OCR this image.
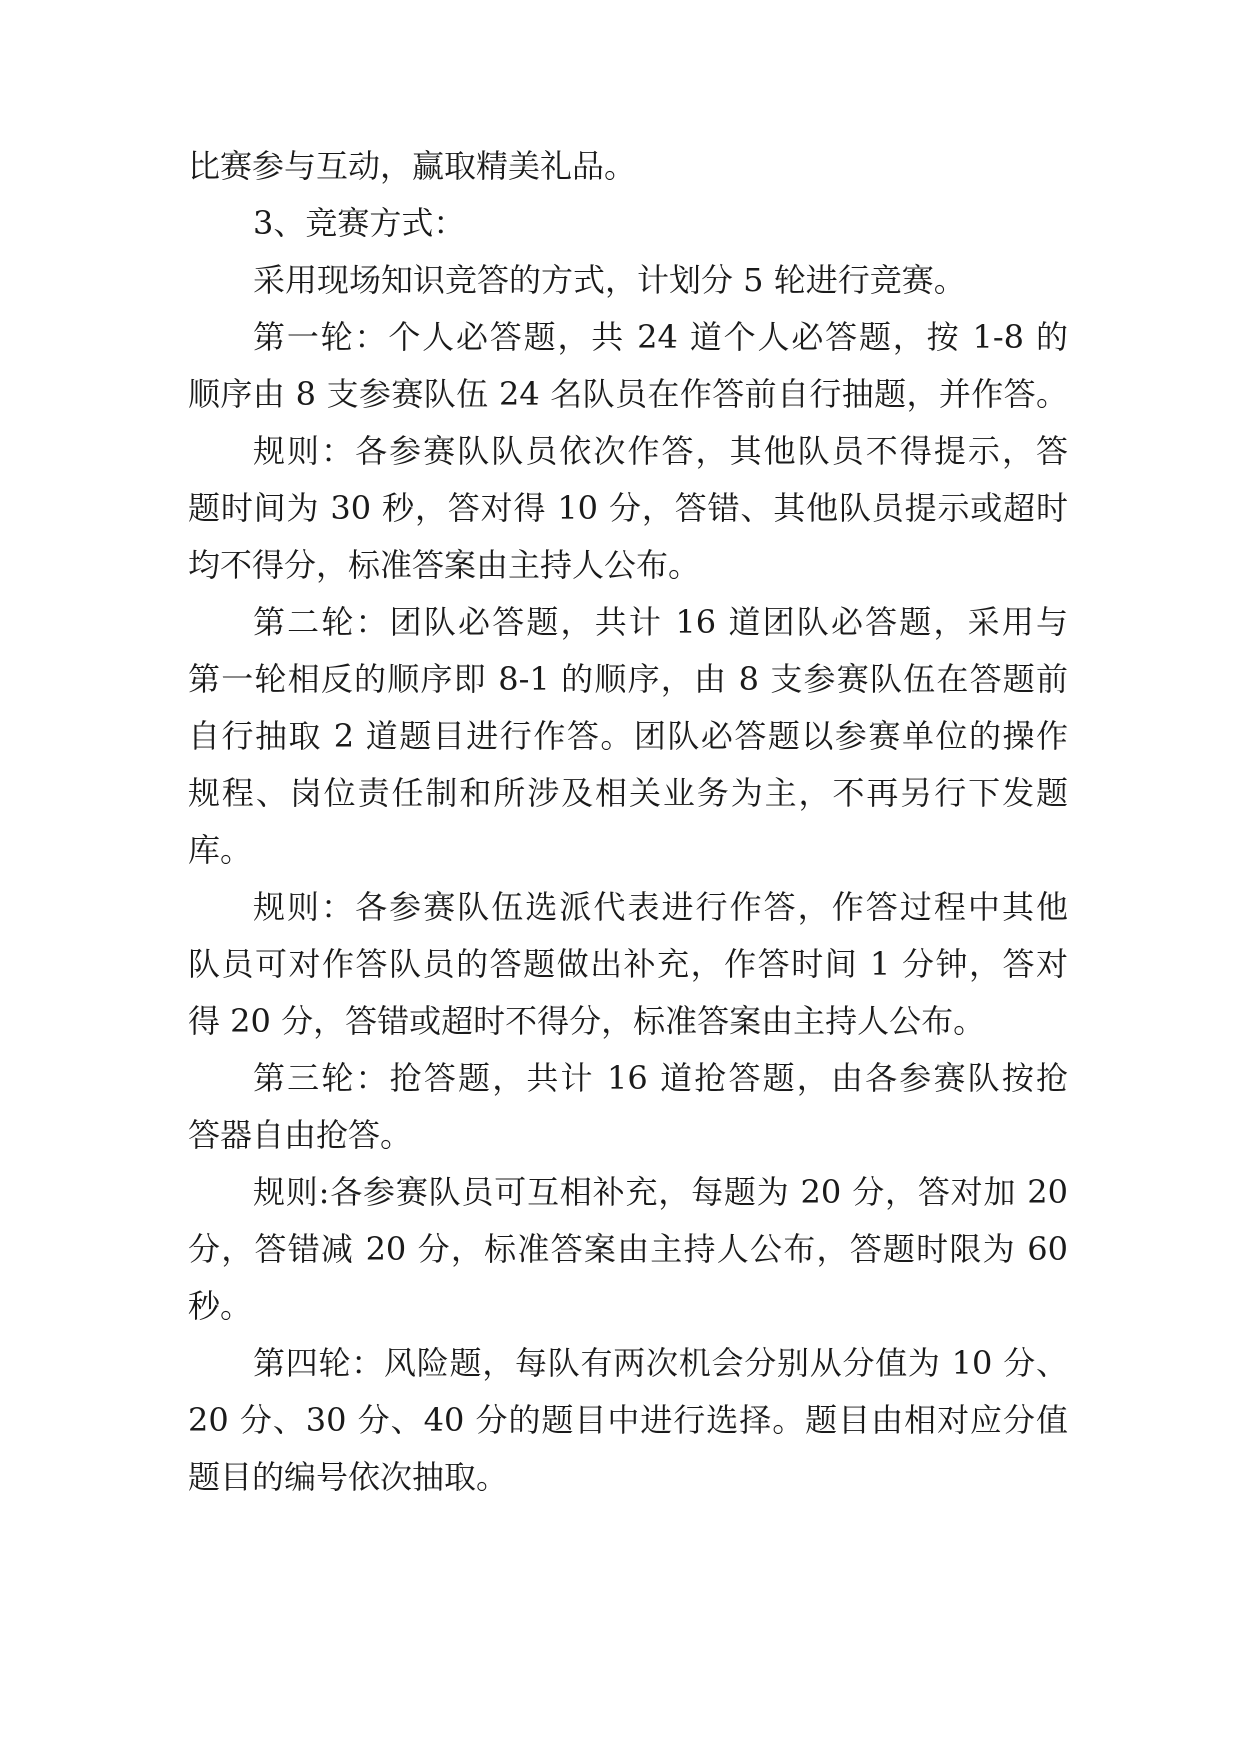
比赛参与互动，赢取精美礼品。
3、竞赛方式：
采用现场知识竞答的方式，计划分 5 轮进行竞赛。
第一轮：个人必答题，共 24 道个人必答题，按 1-8 的
顺序由 8 支参赛队伍 24 名队员在作答前自行抽题，并作答。
规则：各参赛队队员依次作答，其他队员不得提示，答
题时间为 30 秒，答对得 10 分，答错、其他队员提示或超时
均不得分，标准答案由主持人公布。
第二轮：团队必答题，共计 16 道团队必答题，采用与
第一轮相反的顺序即 8-1 的顺序，由 8 支参赛队伍在答题前
自行抽取 2 道题目进行作答。团队必答题以参赛单位的操作
规程、岗位责任制和所涉及相关业务为主，不再另行下发题
库。
规则：各参赛队伍选派代表进行作答，作答过程中其他
队员可对作答队员的答题做出补充，作答时间 1 分钟，答对
得 20 分，答错或超时不得分，标准答案由主持人公布。
第三轮：抢答题，共计 16 道抢答题，由各参赛队按抢
答器自由抢答。
规则:各参赛队员可互相补充，每题为 20 分，答对加 20
分，答错减 20 分，标准答案由主持人公布，答题时限为 60
秒。
第四轮：风险题，每队有两次机会分别从分值为 10 分、
20 分、30 分、40 分的题目中进行选择。题目由相对应分值
题目的编号依次抽取。
